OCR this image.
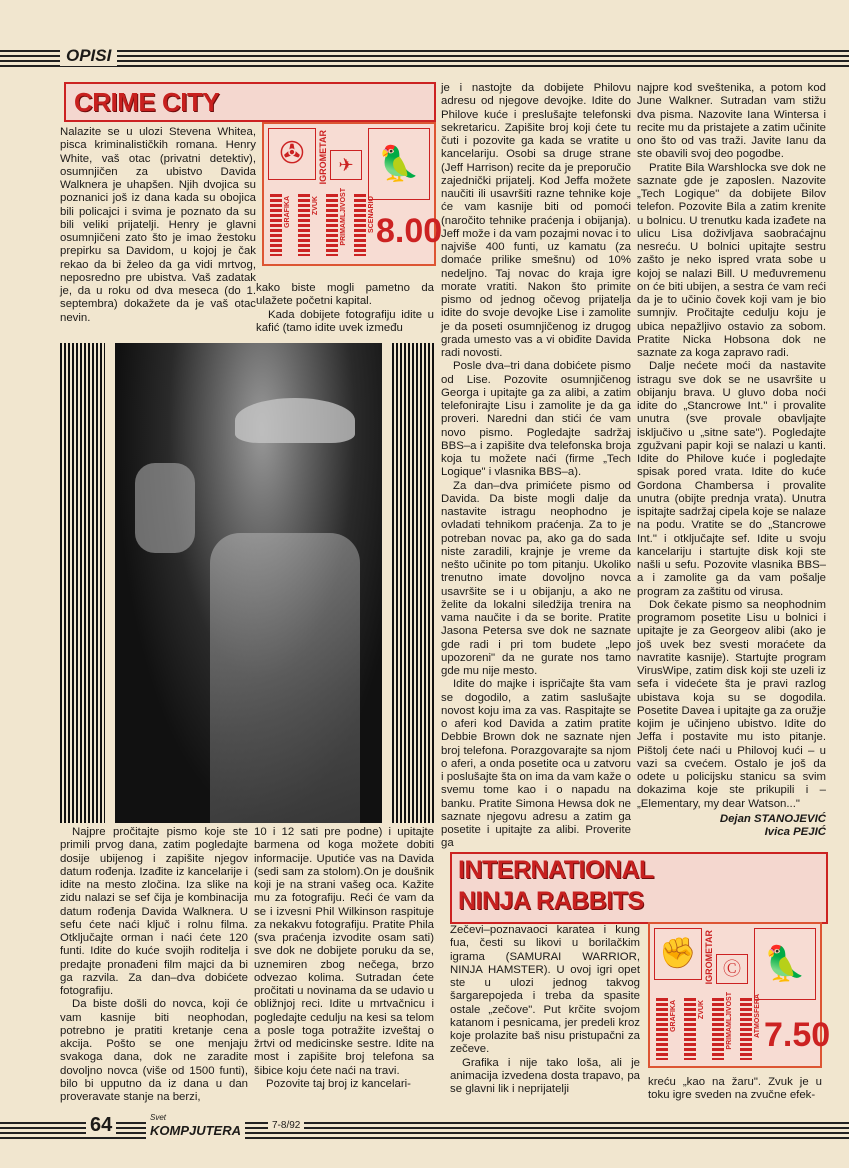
OPISI
CRIME CITY
✇	IGROMETAR ✈ 🦜
GRAFIKA	ZVUK	PRIMAMLJIVOST	SCENARIO 8.00

Nalazite se u ulozi Stevena Whitea, pisca kriminalističkih romana. Henry White, vaš otac (privatni detektiv), osumnjičen za ubistvo Davida Walknera je uhapšen. Njih dvojica su poznanici još iz dana kada su obojica bili policajci i svima je poznato da su bili veliki prijatelji. Henry je glavni osumnjičeni zato što je imao žestoku prepirku sa Davidom, u kojoj je čak rekao da bi želeo da ga vidi mrtvog, neposredno pre ubistva. Vaš zadatak je, da u roku od dva meseca (do 1. septembra) dokažete da je vaš otac nevin.

kako biste mogli pametno da ulažete početni kapital.

Kada dobijete fotografiju idite u kafić (tamo idite uvek između

je i nastojte da dobijete Philovu adresu od njegove devojke. Idite do Philove kuće i preslušajte telefonski sekretaricu. Zapišite broj koji ćete tu čuti i pozovite ga kada se vratite u kancelariju. Osobi sa druge strane (Jeff Harrison) recite da je preporučio zajednički prijatelj. Kod Jeffa možete naučiti ili usavršiti razne tehnike koje će vam kasnije biti od pomoći (naročito tehnike praćenja i obijanja). Jeff može i da vam pozajmi novac i to najviše 400 funti, uz kamatu (za domaće prilike smešnu) od 10% nedeljno. Taj novac do kraja igre morate vratiti. Nakon što primite pismo od jednog očevog prijatelja idite do svoje devojke Lise i zamolite je da poseti osumnjičenog iz drugog grada umesto vas a vi obiđite Davida radi novosti.

Posle dva–tri dana dobićete pismo od Lise. Pozovite osumnjičenog Georga i upitajte ga za alibi, a zatim telefonirajte Lisu i zamolite je da ga proveri. Naredni dan stići će vam novo pismo. Pogledajte sadržaj BBS–a i zapišite dva telefonska broja koja tu možete naći (firme „Tech Logique" i vlasnika BBS–a).

Za dan–dva primićete pismo od Davida. Da biste mogli dalje da nastavite istragu neophodno je ovladati tehnikom praćenja. Za to je potreban novac pa, ako ga do sada niste zaradili, krajnje je vreme da nešto učinite po tom pitanju. Ukoliko trenutno imate dovoljno novca usavršite se i u obijanju, a ako ne želite da lokalni siledžija trenira na vama naučite i da se borite. Pratite Jasona Petersa sve dok ne saznate gde radi i pri tom budete „lepo upozoreni" da ne gurate nos tamo gde mu nije mesto.

Idite do majke i ispričajte šta vam se dogodilo, a zatim saslušajte novost koju ima za vas. Raspitajte se o aferi kod Davida a zatim pratite Debbie Brown dok ne saznate njen broj telefona. Porazgovarajte sa njom o aferi, a onda posetite oca u zatvoru i poslušajte šta on ima da vam kaže o svemu tome kao i o napadu na banku. Pratite Simona Hewsa dok ne saznate njegovu adresu a zatim ga posetite i upitajte za alibi. Proverite ga

najpre kod sveštenika, a potom kod June Walkner. Sutradan vam stižu dva pisma. Nazovite Iana Wintersa i recite mu da pristajete a zatim učinite ono što od vas traži. Javite Ianu da ste obavili svoj deo pogodbe.

Pratite Bila Warshlocka sve dok ne saznate gde je zaposlen. Nazovite „Tech Logique" da dobijete Bilov telefon. Pozovite Bila a zatim krenite u bolnicu. U trenutku kada izađete na ulicu Lisa doživljava saobraćajnu nesreću. U bolnici upitajte sestru zašto je neko ispred vrata sobe u kojoj se nalazi Bill. U međuvremenu on će biti ubijen, a sestra će vam reći da je to učinio čovek koji vam je bio sumnjiv. Pročitajte cedulju koju je ubica nepažljivo ostavio za sobom. Pratite Nicka Hobsona dok ne saznate za koga zapravo radi.

Dalje nećete moći da nastavite istragu sve dok se ne usavršite u obijanju brava. U gluvo doba noći idite do „Stancrowe Int." i provalite unutra (sve provale obavljajte isključivo u „sitne sate"). Pogledajte zgužvani papir koji se nalazi u kanti. Idite do Philove kuće i pogledajte spisak pored vrata. Idite do kuće Gordona Chambersa i provalite unutra (obijte prednja vrata). Unutra ispitajte sadržaj cipela koje se nalaze na podu. Vratite se do „Stancrowe Int." i otključajte sef. Idite u svoju kancelariju i startujte disk koji ste našli u sefu. Pozovite vlasnika BBS–a i zamolite ga da vam pošalje program za zaštitu od virusa.

Dok čekate pismo sa neophodnim programom posetite Lisu u bolnici i upitajte je za Georgeov alibi (ako je još uvek bez svesti moraćete da navratite kasnije). Startujte program VirusWipe, zatim disk koji ste uzeli iz sefa i videćete šta je pravi razlog ubistava koja su se dogodila. Posetite Davea i upitajte ga za oružje kojim je učinjeno ubistvo. Idite do Jeffa i postavite mu isto pitanje. Pištolj ćete naći u Philovoj kući – u vazi sa cvećem. Ostalo je još da odete u policijsku stanicu sa svim dokazima koje ste prikupili i – „Elementary, my dear Watson..."

Dejan STANOJEVIĆ
Ivica PEJIĆ

Najpre pročitajte pismo koje ste primili prvog dana, zatim pogledajte dosije ubijenog i zapišite njegov datum rođenja. Izađite iz kancelarije i idite na mesto zločina. Iza slike na zidu nalazi se sef čija je kombinacija datum rođenja Davida Walknera. U sefu ćete naći ključ i rolnu filma. Otključajte orman i naći ćete 120 funti. Idite do kuće svojih roditelja i predajte pronađeni film majci da bi ga razvila. Za dan–dva dobićete fotografiju.

Da biste došli do novca, koji će vam kasnije biti neophodan, potrebno je pratiti kretanje cena akcija. Pošto se one menjaju svakoga dana, dok ne zaradite dovoljno novca (više od 1500 funti), bilo bi upputno da iz dana u dan proveravate stanje na berzi,

10 i 12 sati pre podne) i upitajte barmena od koga možete dobiti informacije. Uputiće vas na Davida (sedi sam za stolom).On je doušnik koji je na strani vašeg oca. Kažite mu za fotografiju. Reći će vam da se i izvesni Phil Wilkinson raspituje za nekakvu fotografiju. Pratite Phila (sva praćenja izvodite osam sati) sve dok ne dobijete poruku da se, uznemiren zbog nečega, brzo odvezao kolima. Sutradan ćete pročitati u novinama da se udavio u obližnjoj reci. Idite u mrtvačnicu i pogledajte cedulju na kesi sa telom a posle toga potražite izveštaj o žrtvi od medicinske sestre. Idite na most i zapišite broj telefona sa šibice koju ćete naći na travi.

Pozovite taj broj iz kancelari-

INTERNATIONAL
NINJA RABBITS

Zečevi–poznavaoci karatea i kung fua, česti su likovi u borilačkim igrama (SAMURAI WARRIOR, NINJA HAMSTER). U ovoj igri opet ste u ulozi jednog takvog šargarepojeda i treba da spasite ostale „zečove". Put krčite svojom katanom i pesnicama, jer predeli kroz koje prolazite baš nisu pristupačni za zečeve.

Grafika i nije tako loša, ali je animacija izvedena dosta trapavo, pa se glavni lik i neprijatelji

✊ IGROMETAR Ⓒ 🦜
GRAFIKA	ZVUK	PRIMAMLJIVOST	ATMOSFERA 7.50

kreću „kao na žaru". Zvuk je u toku igre sveden na zvučne efek-

64	Svet
KOMPJUTERA	7-8/92
